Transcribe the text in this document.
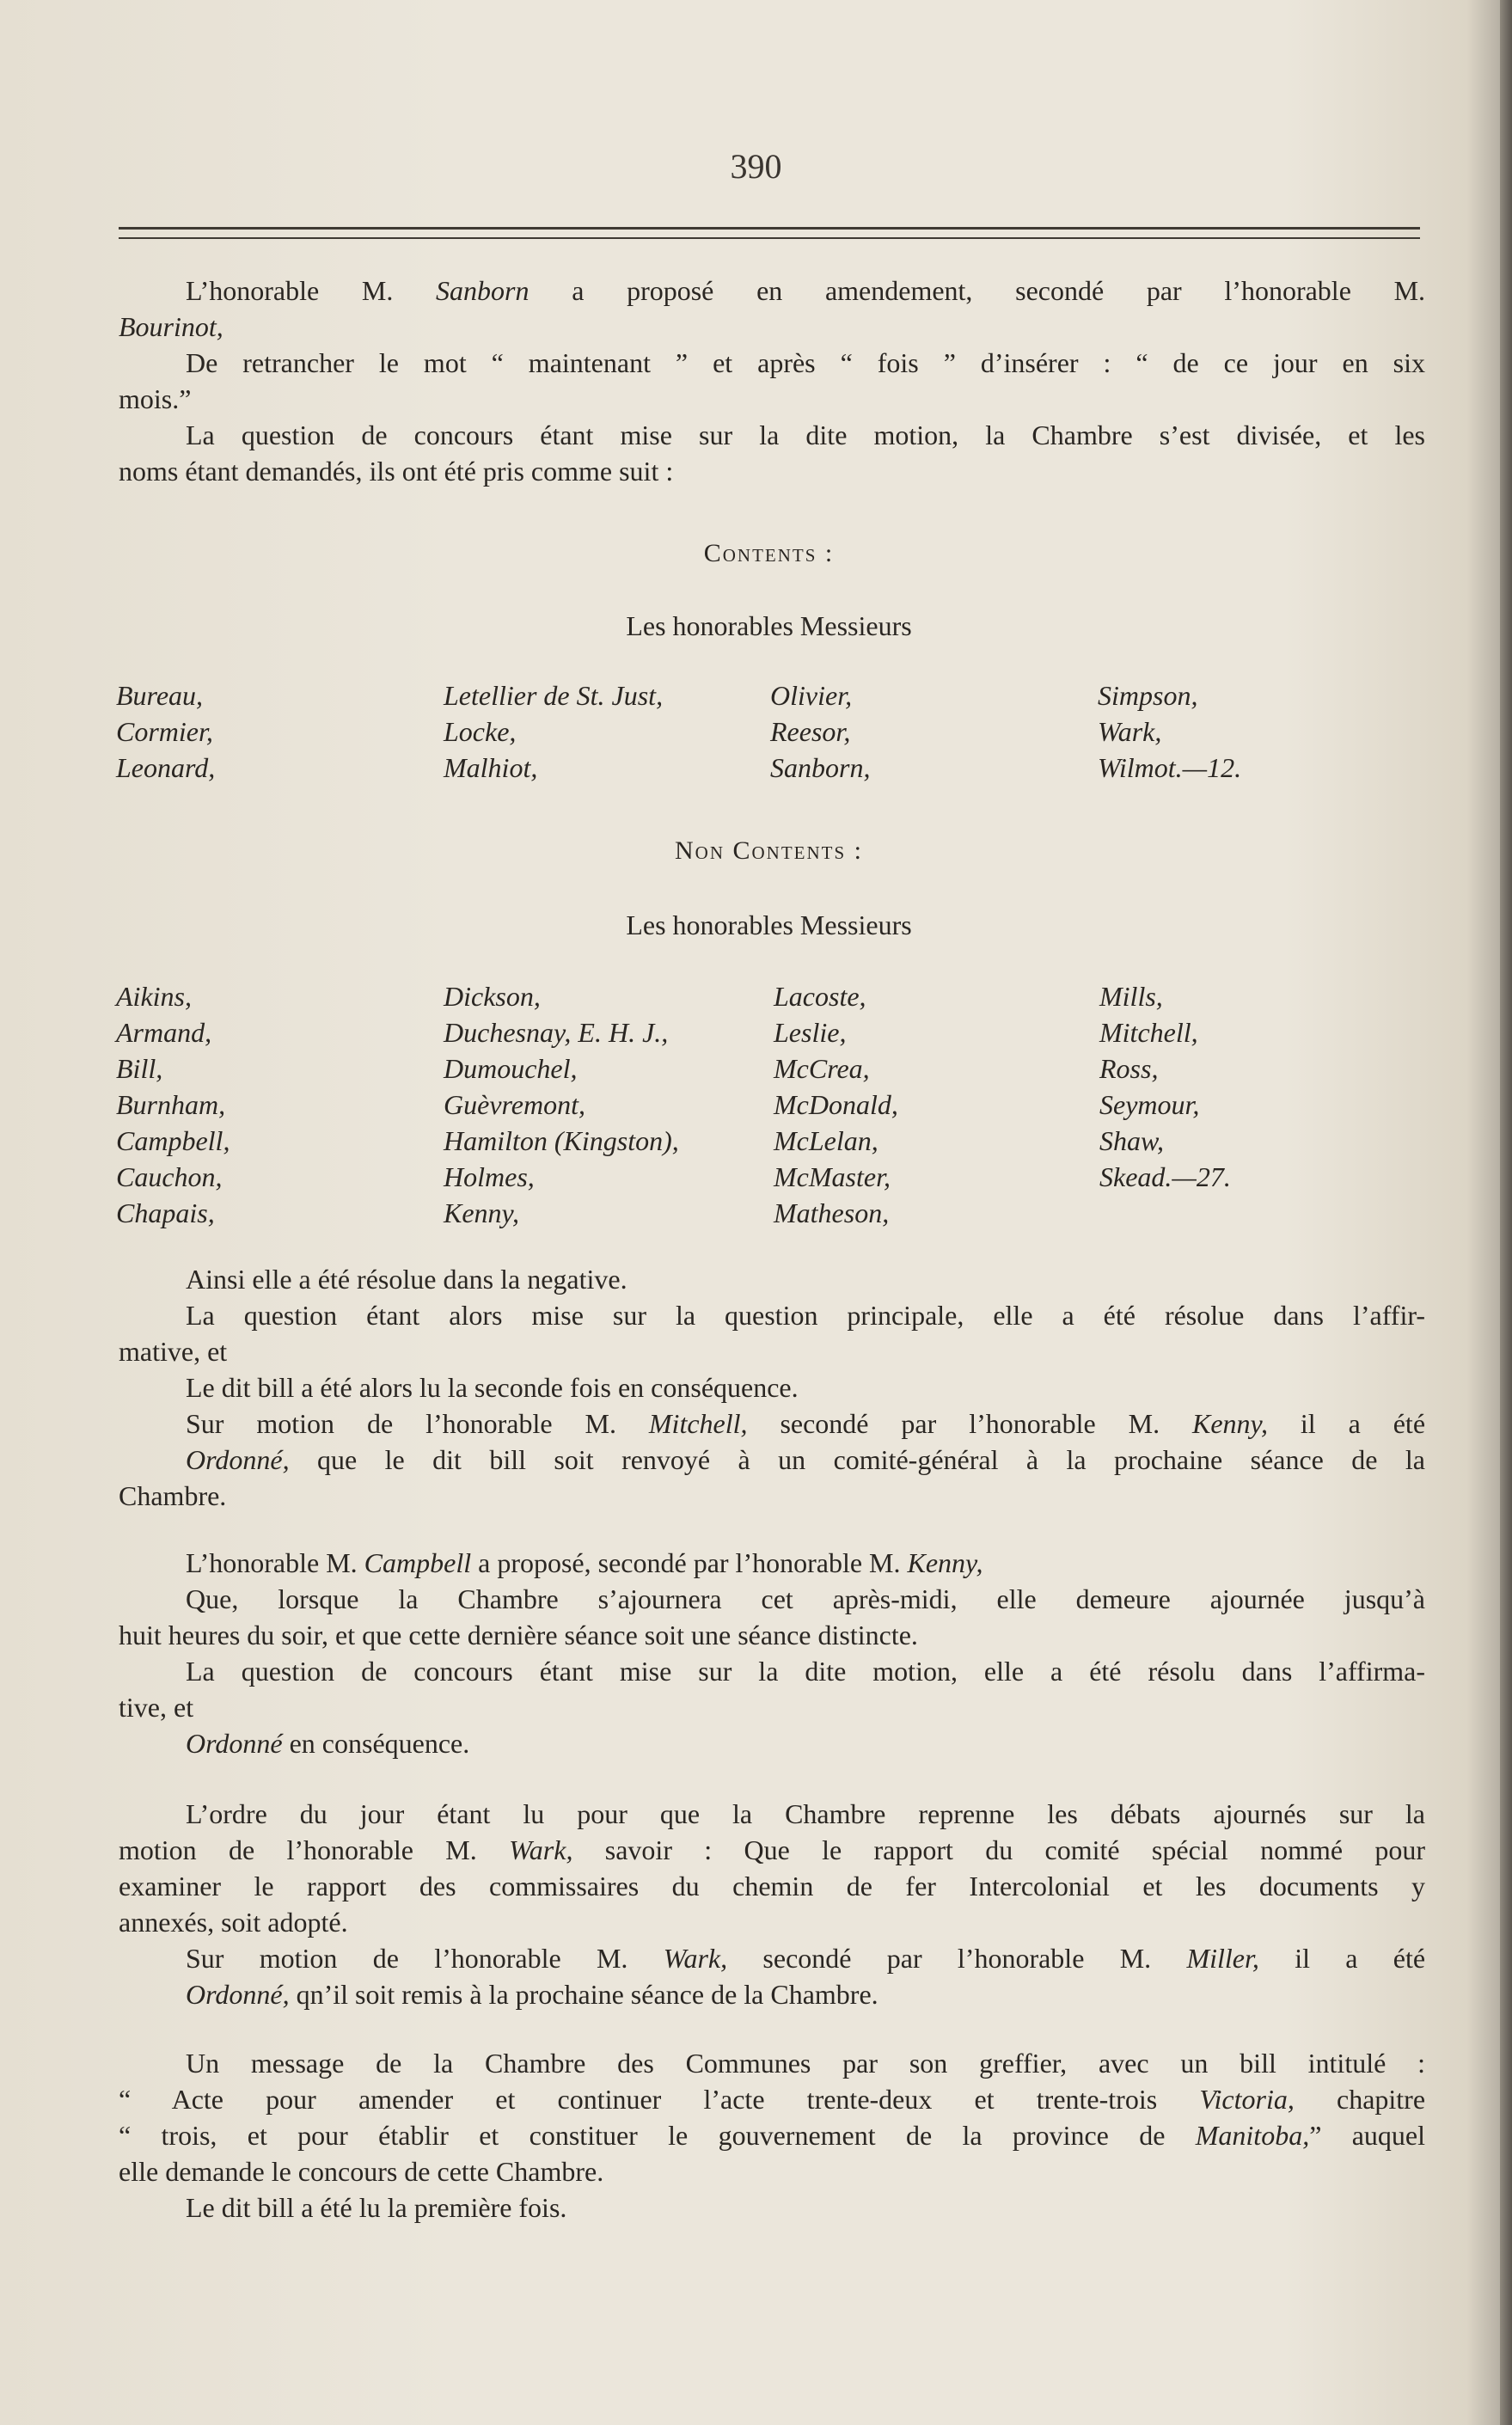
390
L’honorable M. Sanborn a proposé en amendement, secondé par l’honorable M.
Bourinot,
De retrancher le mot “ maintenant ” et après “ fois ” d’insérer : “ de ce jour en six
mois.”
La question de concours étant mise sur la dite motion, la Chambre s’est divisée, et les
noms étant demandés, ils ont été pris comme suit :
Contents :
Les honorables Messieurs
Bureau,
Cormier,
Leonard,
Letellier de St. Just,
Locke,
Malhiot,
Olivier,
Reesor,
Sanborn,
Simpson,
Wark,
Wilmot.—12.
Non Contents :
Les honorables Messieurs
Aikins,
Armand,
Bill,
Burnham,
Campbell,
Cauchon,
Chapais,
Dickson,
Duchesnay, E. H. J.,
Dumouchel,
Guèvremont,
Hamilton (Kingston),
Holmes,
Kenny,
Lacoste,
Leslie,
McCrea,
McDonald,
McLelan,
McMaster,
Matheson,
Mills,
Mitchell,
Ross,
Seymour,
Shaw,
Skead.—27.
Ainsi elle a été résolue dans la negative.
La question étant alors mise sur la question principale, elle a été résolue dans l’affir-
mative, et
Le dit bill a été alors lu la seconde fois en conséquence.
Sur motion de l’honorable M. Mitchell, secondé par l’honorable M. Kenny, il a été
Ordonné, que le dit bill soit renvoyé à un comité-général à la prochaine séance de la
Chambre.
L’honorable M. Campbell a proposé, secondé par l’honorable M. Kenny,
Que, lorsque la Chambre s’ajournera cet après-midi, elle demeure ajournée jusqu’à
huit heures du soir, et que cette dernière séance soit une séance distincte.
La question de concours étant mise sur la dite motion, elle a été résolu dans l’affirma-
tive, et
Ordonné en conséquence.
L’ordre du jour étant lu pour que la Chambre reprenne les débats ajournés sur la
motion de l’honorable M. Wark, savoir : Que le rapport du comité spécial nommé pour
examiner le rapport des commissaires du chemin de fer Intercolonial et les documents y
annexés, soit adopté.
Sur motion de l’honorable M. Wark, secondé par l’honorable M. Miller, il a été
Ordonné, qn’il soit remis à la prochaine séance de la Chambre.
Un message de la Chambre des Communes par son greffier, avec un bill intitulé :
“ Acte pour amender et continuer l’acte trente-deux et trente-trois Victoria, chapitre
“ trois, et pour établir et constituer le gouvernement de la province de Manitoba,” auquel
elle demande le concours de cette Chambre.
Le dit bill a été lu la première fois.
